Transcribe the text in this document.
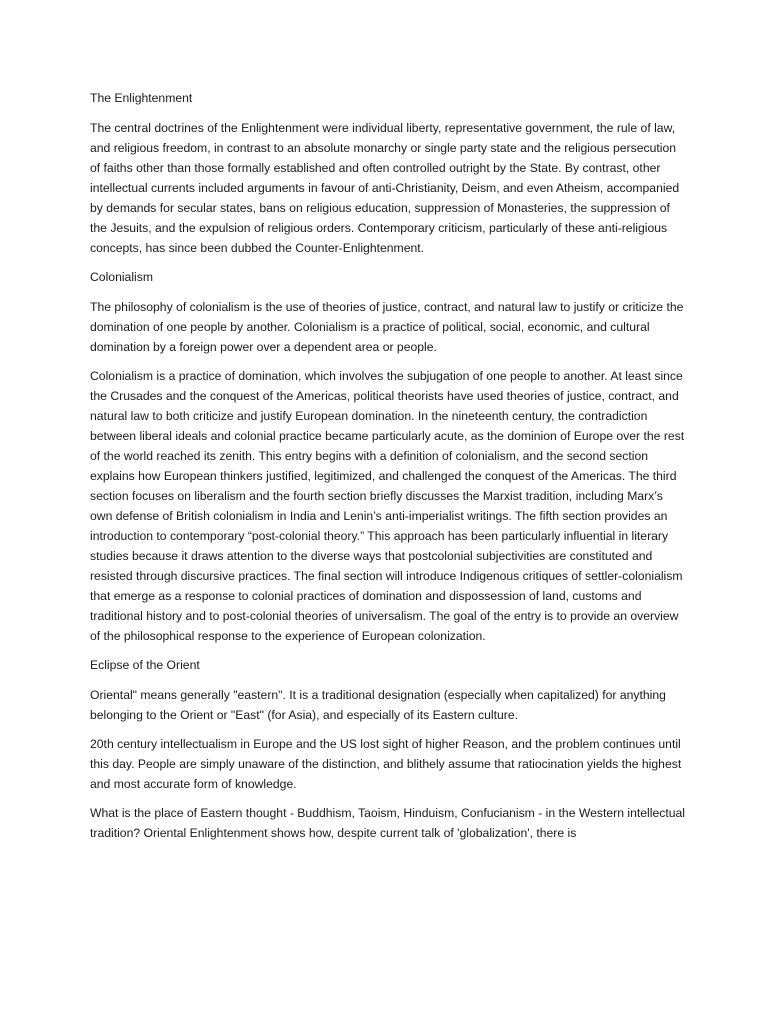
The Enlightenment

The central doctrines of the Enlightenment were individual liberty, representative government, the rule of law, and religious freedom, in contrast to an absolute monarchy or single party state and the religious persecution of faiths other than those formally established and often controlled outright by the State. By contrast, other intellectual currents included arguments in favour of anti-Christianity, Deism, and even Atheism, accompanied by demands for secular states, bans on religious education, suppression of Monasteries, the suppression of the Jesuits, and the expulsion of religious orders. Contemporary criticism, particularly of these anti-religious concepts, has since been dubbed the Counter-Enlightenment.

Colonialism

The philosophy of colonialism is the use of theories of justice, contract, and natural law to justify or criticize the domination of one people by another. Colonialism is a practice of political, social, economic, and cultural domination by a foreign power over a dependent area or people.

Colonialism is a practice of domination, which involves the subjugation of one people to another. At least since the Crusades and the conquest of the Americas, political theorists have used theories of justice, contract, and natural law to both criticize and justify European domination. In the nineteenth century, the contradiction between liberal ideals and colonial practice became particularly acute, as the dominion of Europe over the rest of the world reached its zenith. This entry begins with a definition of colonialism, and the second section explains how European thinkers justified, legitimized, and challenged the conquest of the Americas. The third section focuses on liberalism and the fourth section briefly discusses the Marxist tradition, including Marx’s own defense of British colonialism in India and Lenin’s anti-imperialist writings. The fifth section provides an introduction to contemporary “post-colonial theory.” This approach has been particularly influential in literary studies because it draws attention to the diverse ways that postcolonial subjectivities are constituted and resisted through discursive practices. The final section will introduce Indigenous critiques of settler-colonialism that emerge as a response to colonial practices of domination and dispossession of land, customs and traditional history and to post-colonial theories of universalism. The goal of the entry is to provide an overview of the philosophical response to the experience of European colonization.

Eclipse of the Orient

Oriental" means generally "eastern". It is a traditional designation (especially when capitalized) for anything belonging to the Orient or "East" (for Asia), and especially of its Eastern culture.

20th century intellectualism in Europe and the US lost sight of higher Reason, and the problem continues until this day. People are simply unaware of the distinction, and blithely assume that ratiocination yields the highest and most accurate form of knowledge.

What is the place of Eastern thought - Buddhism, Taoism, Hinduism, Confucianism - in the Western intellectual tradition? Oriental Enlightenment shows how, despite current talk of 'globalization', there is
